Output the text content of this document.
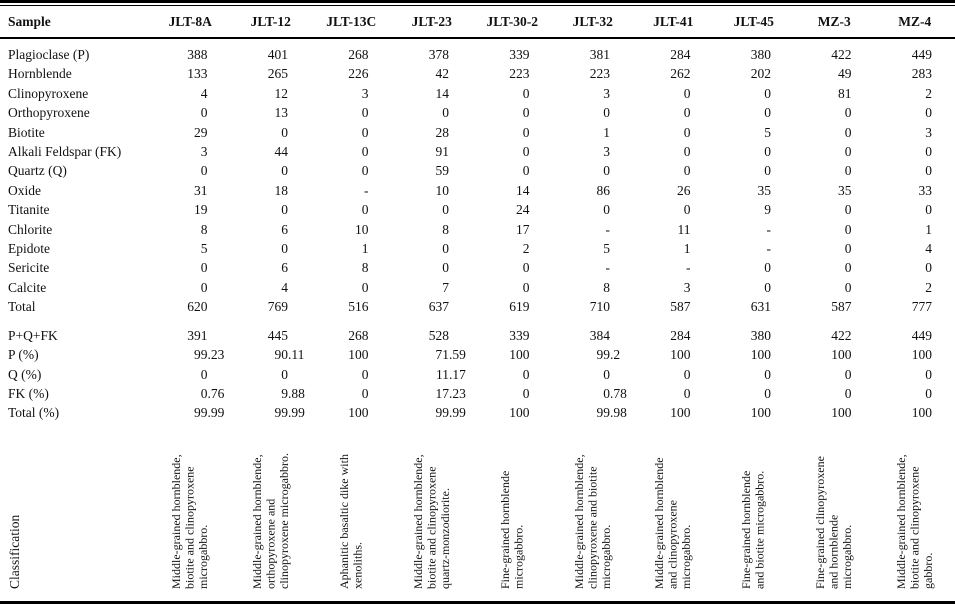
Sample	JLT-8A	JLT-12	JLT-13C	JLT-23	JLT-30-2	JLT-32	JLT-41	JLT-45	MZ-3	MZ-4
Plagioclase (P)	388	401	268	378	339	381	284	380	422	449
Hornblende	133	265	226	42	223	223	262	202	49	283
Clinopyroxene	4	12	3	14	0	3	0	0	81	2
Orthopyroxene	0	13	0	0	0	0	0	0	0	0
Biotite	29	0	0	28	0	1	0	5	0	3
Alkali Feldspar (FK)	3	44	0	91	0	3	0	0	0	0
Quartz (Q)	0	0	0	59	0	0	0	0	0	0
Oxide	31	18	-	10	14	86	26	35	35	33
Titanite	19	0	0	0	24	0	0	9	0	0
Chlorite	8	6	10	8	17	-	11	-	0	1
Epidote	5	0	1	0	2	5	1	-	0	4
Sericite	0	6	8	0	0	-	-	0	0	0
Calcite	0	4	0	7	0	8	3	0	0	2
Total	620	769	516	637	619	710	587	631	587	777
P+Q+FK	391	445	268	528	339	384	284	380	422	449
P (%)	99.23	90.11	100	71.59	100	99.2	100	100	100	100
Q (%)	0	0	0	11.17	0	0	0	0	0	0
FK (%)	0.76	9.88	0	17.23	0	0.78	0	0	0	0
Total (%)	99.99	99.99	100	99.99	100	99.98	100	100	100	100
Classification	Middle-grained hornblende, biotite and clinopyroxene microgabbro.	Middle-grained hornblende, orthopyroxene and clinopyroxene microgabbro.	Aphanitic basaltic dike with xenoliths.	Middle-grained hornblende, biotite and clinopyroxene quartz-monzodiorite.	Fine-grained hornblende microgabbro.	Middle-grained hornblende, clinopyroxene and biotite microgabbro.	Middle-grained hornblende and clinopyroxene microgabbro.	Fine-grained hornblende and biotite microgabbro.	Fine-grained clinopyroxene and hornblende microgabbro.	Middle-grained hornblende, biotite and clinopyroxene gabbro.
